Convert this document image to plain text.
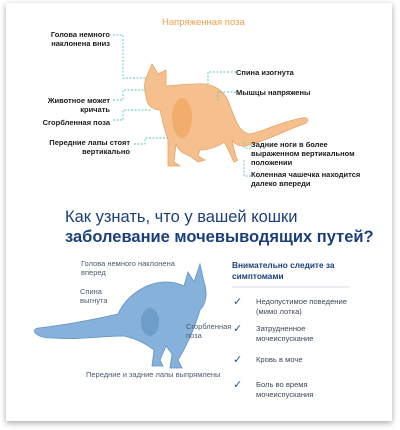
Напряженная поза
Голова немного
наклонена вниз
Животное может
кричать
Сгорбленная поза
Передние лапы стоят
вертикально
Спина изогнута
Мышцы напряжены
Задние ноги в более
выраженном вертикальном
положении
Коленная чашечка находится
далеко впереди
Как узнать, что у вашей кошки
заболевание мочевыводящих путей?
Голова немного наклонена
вперед
Спина
выгнута
Сгорбленная
поза
Передние и задние лапы выпрямлены
Внимательно следите за
симптомами
✓ Недопустимое поведение
(мимо лотка)
✓ Затрудненное
мочеиспускание
✓ Кровь в моче
✓ Боль во время
мочеиспускания
